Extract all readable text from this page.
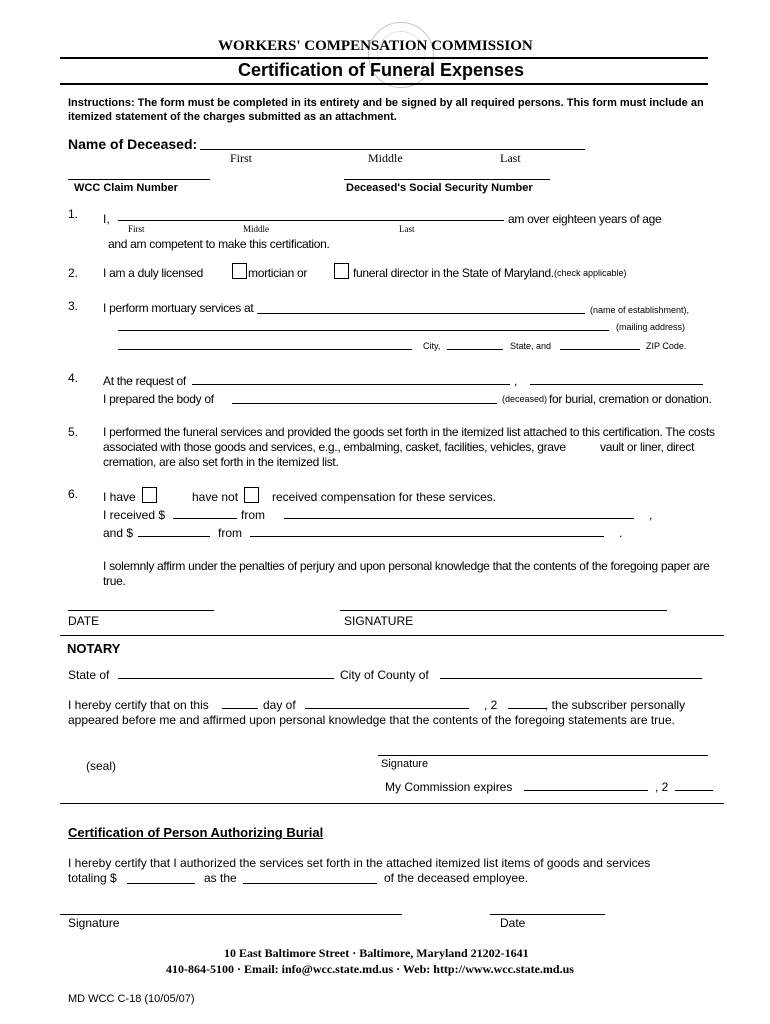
WORKERS' COMPENSATION COMMISSION
Certification of Funeral Expenses
Instructions: The form must be completed in its entirety and be signed by all required persons. This form must include an itemized statement of the charges submitted as an attachment.
Name of Deceased:
First	Middle	Last
WCC Claim Number	Deceased's Social Security Number
1. I,	am over eighteen years of age
First	Middle	Last
and am competent to make this certification.
2. I am a duly licensed	mortician or	funeral director in the State of Maryland. (check applicable)
3. I perform mortuary services at	(name of establishment),
(mailing address)
City,	State, and	ZIP Code.
4. At the request of	,
I prepared the body of	(deceased) for burial, cremation or donation.
5. I performed the funeral services and provided the goods set forth in the itemized list attached to this certification. The costs
associated with those goods and services, e.g., embalming, casket, facilities, vehicles, grave	vault or liner, direct
cremation, are also set forth in the itemized list.
6. I have	have not	received compensation for these services.
I received $	from	,
and $	from	.
I solemnly affirm under the penalties of perjury and upon personal knowledge that the contents of the foregoing paper are
true.
DATE	SIGNATURE
NOTARY
State of	City of County of
I hereby certify that on this	day of	, 2	, the subscriber personally
appeared before me and affirmed upon personal knowledge that the contents of the foregoing statements are true.
Signature
(seal)
My Commission expires	, 2
Certification of Person Authorizing Burial
I hereby certify that I authorized the services set forth in the attached itemized list items of goods and services
totaling $	as the	of the deceased employee.
Signature	Date
10 East Baltimore Street · Baltimore, Maryland 21202-1641
410-864-5100 · Email: info@wcc.state.md.us · Web: http://www.wcc.state.md.us
MD WCC C-18 (10/05/07)
